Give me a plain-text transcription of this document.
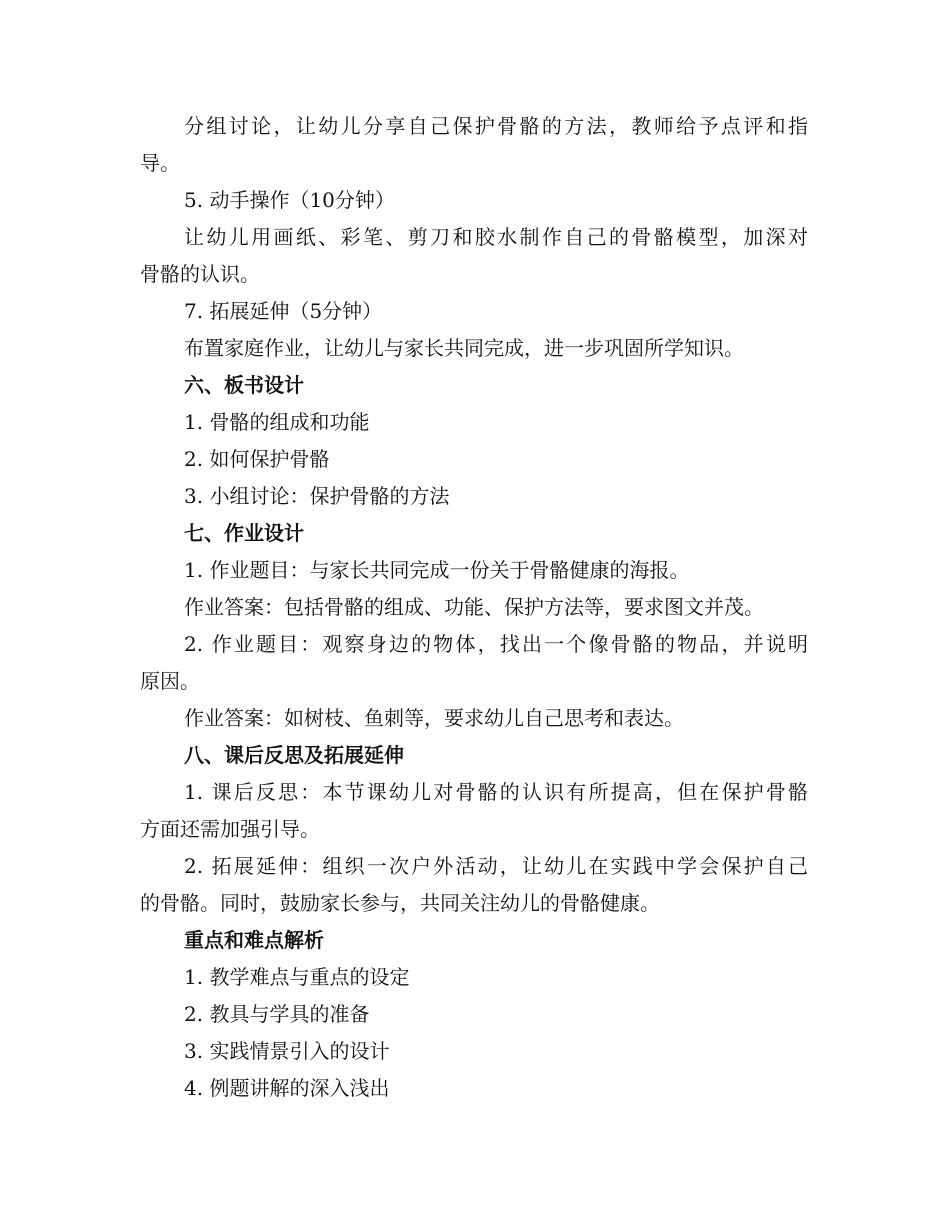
分组讨论，让幼儿分享自己保护骨骼的方法，教师给予点评和指
导。
5. 动手操作（10分钟）
让幼儿用画纸、彩笔、剪刀和胶水制作自己的骨骼模型，加深对
骨骼的认识。
7. 拓展延伸（5分钟）
布置家庭作业，让幼儿与家长共同完成，进一步巩固所学知识。
六、板书设计
1. 骨骼的组成和功能
2. 如何保护骨骼
3. 小组讨论：保护骨骼的方法
七、作业设计
1. 作业题目：与家长共同完成一份关于骨骼健康的海报。
作业答案：包括骨骼的组成、功能、保护方法等，要求图文并茂。
2. 作业题目：观察身边的物体，找出一个像骨骼的物品，并说明
原因。
作业答案：如树枝、鱼刺等，要求幼儿自己思考和表达。
八、课后反思及拓展延伸
1. 课后反思：本节课幼儿对骨骼的认识有所提高，但在保护骨骼
方面还需加强引导。
2. 拓展延伸：组织一次户外活动，让幼儿在实践中学会保护自己
的骨骼。同时，鼓励家长参与，共同关注幼儿的骨骼健康。
重点和难点解析
1. 教学难点与重点的设定
2. 教具与学具的准备
3. 实践情景引入的设计
4. 例题讲解的深入浅出
